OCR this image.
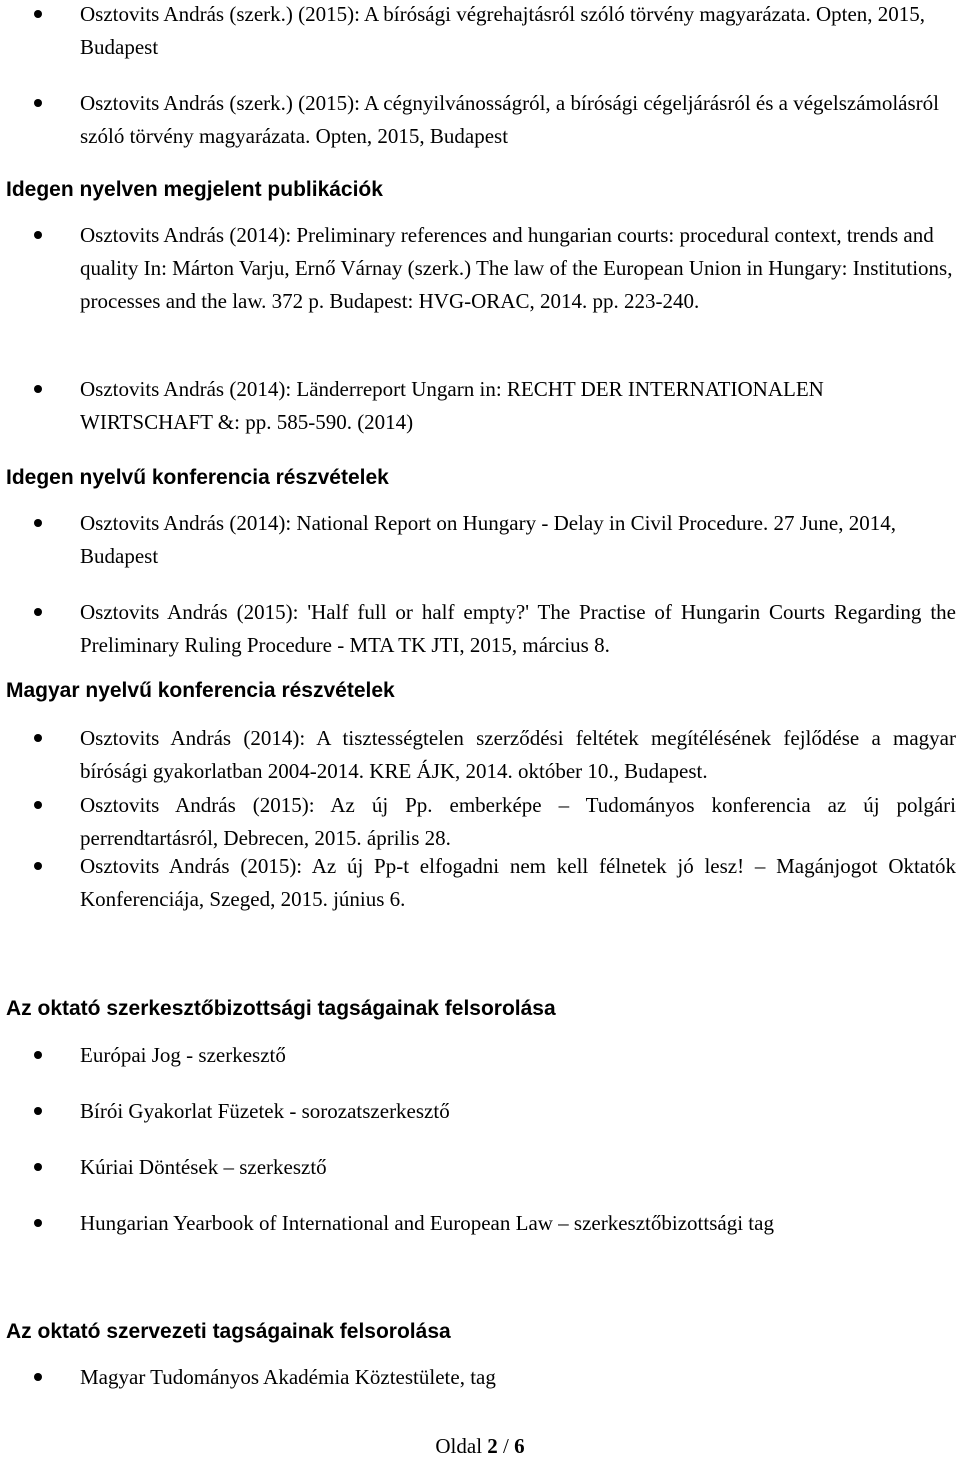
Osztovits András (szerk.) (2015): A bírósági végrehajtásról szóló törvény magyarázata. Opten, 2015, Budapest
Osztovits András (szerk.) (2015): A cégnyilvánosságról, a bírósági cégeljárásról és a végelszámolásról szóló törvény magyarázata. Opten, 2015, Budapest
Idegen nyelven megjelent publikációk
Osztovits András (2014): Preliminary references and hungarian courts: procedural context, trends and quality In: Márton Varju, Ernő Várnay (szerk.) The law of the European Union in Hungary: Institutions, processes and the law. 372 p. Budapest: HVG-ORAC, 2014. pp. 223-240.
Osztovits András (2014): Länderreport Ungarn in: RECHT DER INTERNATIONALEN WIRTSCHAFT &: pp. 585-590. (2014)
Idegen nyelvű konferencia részvételek
Osztovits András (2014): National Report on Hungary - Delay in Civil Procedure. 27 June, 2014, Budapest
Osztovits András (2015): 'Half full or half empty?' The Practise of Hungarin Courts Regarding the Preliminary Ruling Procedure - MTA TK JTI, 2015, március 8.
Magyar nyelvű konferencia részvételek
Osztovits András (2014): A tisztességtelen szerződési feltétek megítélésének fejlődése a magyar bírósági gyakorlatban 2004-2014. KRE ÁJK, 2014. október 10., Budapest.
Osztovits András (2015): Az új Pp. emberképe – Tudományos konferencia az új polgári perrendtartásról, Debrecen, 2015. április 28.
Osztovits András (2015): Az új Pp-t elfogadni nem kell félnetek jó lesz! – Magánjogot Oktatók Konferenciája, Szeged, 2015. június 6.
Az oktató szerkesztőbizottsági tagságainak felsorolása
Európai Jog - szerkesztő
Bírói Gyakorlat Füzetek - sorozatszerkesztő
Kúriai Döntések – szerkesztő
Hungarian Yearbook of International and European Law – szerkesztőbizottsági tag
Az oktató szervezeti tagságainak felsorolása
Magyar Tudományos Akadémia Köztestülete, tag
Oldal 2 / 6
